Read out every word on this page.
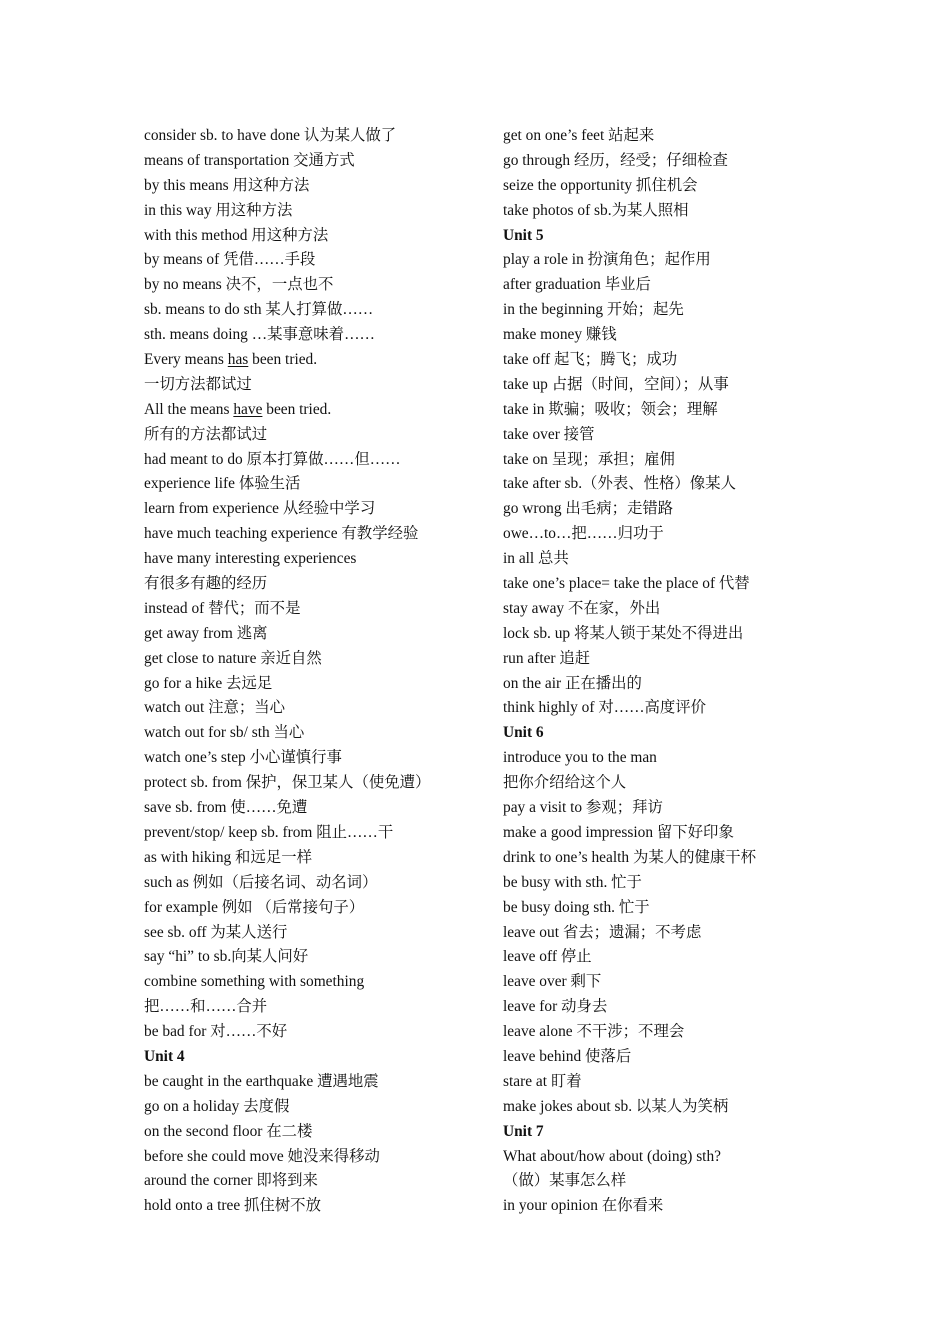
consider sb. to have done 认为某人做了
means of transportation 交通方式
by this means 用这种方法
in this way 用这种方法
with this method 用这种方法
by means of 凭借……手段
by no means 决不，一点也不
sb. means to do sth 某人打算做……
sth. means doing …某事意味着……
Every means has been tried.
一切方法都试过
All the means have been tried.
所有的方法都试过
had meant to do 原本打算做……但……
experience life 体验生活
learn from experience 从经验中学习
have much teaching experience 有教学经验
have many interesting experiences
有很多有趣的经历
instead of 替代；而不是
get away from 逃离
get close to nature 亲近自然
go for a hike 去远足
watch out 注意；当心
watch out for sb/ sth 当心
watch one’s step 小心谨慎行事
protect sb. from 保护，保卫某人（使免遭）
save sb. from 使……免遭
prevent/stop/ keep sb. from 阻止……干
as with hiking 和远足一样
such as 例如（后接名词、动名词）
for example 例如 （后常接句子）
see sb. off 为某人送行
say “hi” to sb.向某人问好
combine something with something
把……和……合并
be bad for 对……不好
Unit 4
be caught in the earthquake 遭遇地震
go on a holiday 去度假
on the second floor 在二楼
before she could move 她没来得移动
around the corner 即将到来
hold onto a tree 抓住树不放
get on one’s feet 站起来
go through 经历，经受；仔细检查
seize the opportunity 抓住机会
take photos of sb.为某人照相
Unit 5
play a role in 扮演角色；起作用
after graduation 毕业后
in the beginning 开始；起先
make money 赚钱
take off 起飞；腾飞；成功
take up 占据（时间，空间）；从事
take in 欺骗；吸收；领会；理解
take over 接管
take on 呈现；承担；雇佣
take after sb.（外表、性格）像某人
go wrong 出毛病；走错路
owe…to…把……归功于
in all 总共
take one’s place= take the place of 代替
stay away 不在家，外出
lock sb. up 将某人锁于某处不得进出
run after 追赶
on the air 正在播出的
think highly of 对……高度评价
Unit 6
introduce you to the man
把你介绍给这个人
pay a visit to 参观；拜访
make a good impression 留下好印象
drink to one’s health 为某人的健康干杯
be busy with sth. 忙于
be busy doing sth. 忙于
leave out 省去；遗漏；不考虑
leave off 停止
leave over 剩下
leave for 动身去
leave alone 不干涉；不理会
leave behind 使落后
stare at 盯着
make jokes about sb. 以某人为笑柄
Unit 7
What about/how about (doing) sth?
（做）某事怎么样
in your opinion 在你看来
